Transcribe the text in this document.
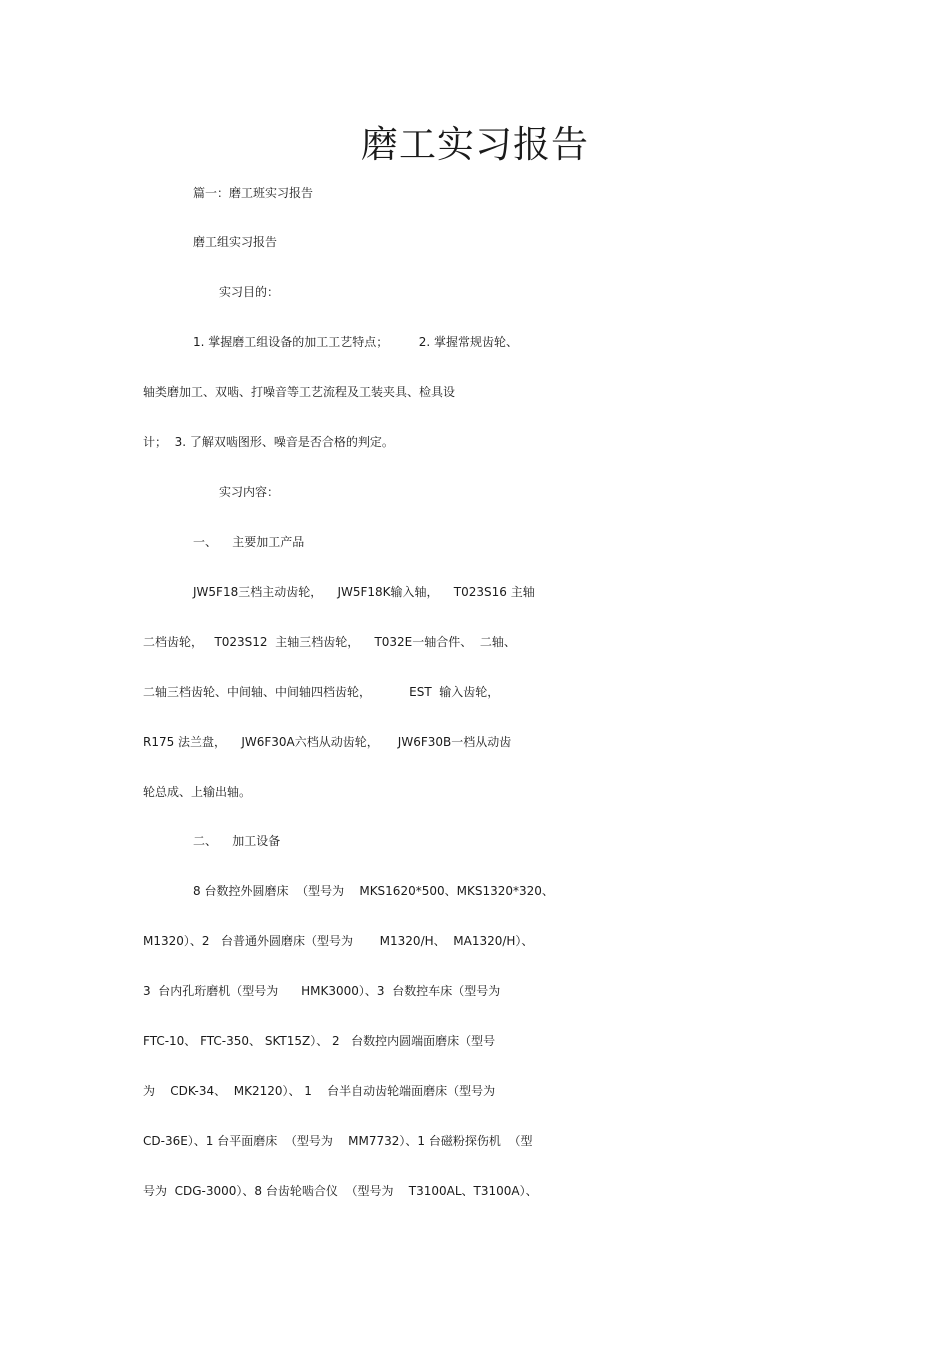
磨工实习报告
篇一：磨工班实习报告
磨工组实习报告
实习目的：
1. 掌握磨工组设备的加工工艺特点；        2. 掌握常规齿轮、
轴类磨加工、双啮、打噪音等工艺流程及工装夹具、检具设
计；  3. 了解双啮图形、噪音是否合格的判定。
实习内容：
一、    主要加工产品
JW5F18三档主动齿轮，    JW5F18K输入轴，    T023S16 主轴
二档齿轮，   T023S12  主轴三档齿轮，    T032E一轴合件、  二轴、
二轴三档齿轮、中间轴、中间轴四档齿轮，          EST  输入齿轮，
R175 法兰盘，    JW6F30A六档从动齿轮，     JW6F30B一档从动齿
轮总成、上输出轴。
二、    加工设备
8 台数控外圆磨床  （型号为    MKS1620*500、MKS1320*320、
M1320）、2   台普通外圆磨床（型号为       M1320/H、  MA1320/H）、
3  台内孔珩磨机（型号为      HMK3000）、3  台数控车床（型号为
FTC-10、 FTC-350、 SKT15Z）、 2   台数控内圆端面磨床（型号
为    CDK-34、  MK2120）、 1    台半自动齿轮端面磨床（型号为
CD-36E）、1 台平面磨床  （型号为    MM7732）、1 台磁粉探伤机  （型
号为  CDG-3000）、8 台齿轮啮合仪  （型号为    T3100AL、T3100A）、
